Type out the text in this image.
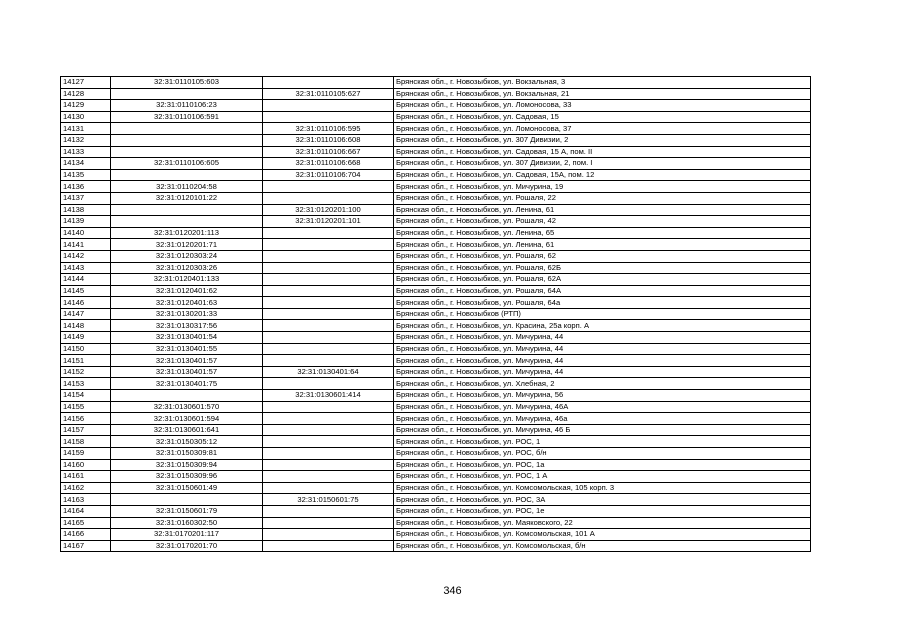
14127	32:31:0110105:603		Брянская обл., г. Новозыбков, ул. Вокзальная, 3
14128		32:31:0110105:627	Брянская обл., г. Новозыбков, ул. Вокзальная, 21
14129	32:31:0110106:23		Брянская обл., г. Новозыбков, ул. Ломоносова, 33
14130	32:31:0110106:591		Брянская обл., г. Новозыбков, ул. Садовая, 15
14131		32:31:0110106:595	Брянская обл., г. Новозыбков, ул. Ломоносова, 37
14132		32:31:0110106:608	Брянская обл., г. Новозыбков, ул. 307 Дивизии, 2
14133		32:31:0110106:667	Брянская обл., г. Новозыбков, ул. Садовая, 15 А, пом. II
14134	32:31:0110106:605	32:31:0110106:668	Брянская обл., г. Новозыбков, ул. 307 Дивизии, 2, пом. I
14135		32:31:0110106:704	Брянская обл., г. Новозыбков, ул. Садовая, 15А, пом. 12
14136	32:31:0110204:58		Брянская обл., г. Новозыбков, ул. Мичурина, 19
14137	32:31:0120101:22		Брянская обл., г. Новозыбков, ул. Рошаля, 22
14138		32:31:0120201:100	Брянская обл., г. Новозыбков, ул. Ленина, 61
14139		32:31:0120201:101	Брянская обл., г. Новозыбков, ул. Рошаля, 42
14140	32:31:0120201:113		Брянская обл., г. Новозыбков, ул. Ленина, 65
14141	32:31:0120201:71		Брянская обл., г. Новозыбков, ул. Ленина, 61
14142	32:31:0120303:24		Брянская обл., г. Новозыбков, ул. Рошаля, 62
14143	32:31:0120303:26		Брянская обл., г. Новозыбков, ул. Рошаля, 62Б
14144	32:31:0120401:133		Брянская обл., г. Новозыбков, ул. Рошаля, 62А
14145	32:31:0120401:62		Брянская обл., г. Новозыбков, ул. Рошаля, 64А
14146	32:31:0120401:63		Брянская обл., г. Новозыбков, ул. Рошаля, 64а
14147	32:31:0130201:33		Брянская обл., г. Новозыбков (РТП)
14148	32:31:0130317:56		Брянская обл., г. Новозыбков, ул. Красина, 25а корп. А
14149	32:31:0130401:54		Брянская обл., г. Новозыбков, ул. Мичурина, 44
14150	32:31:0130401:55		Брянская обл., г. Новозыбков, ул. Мичурина, 44
14151	32:31:0130401:57		Брянская обл., г. Новозыбков, ул. Мичурина, 44
14152	32:31:0130401:57	32:31:0130401:64	Брянская обл., г. Новозыбков, ул. Мичурина, 44
14153	32:31:0130401:75		Брянская обл., г. Новозыбков, ул. Хлебная, 2
14154		32:31:0130601:414	Брянская обл., г. Новозыбков, ул. Мичурина, 56
14155	32:31:0130601:570		Брянская обл., г. Новозыбков, ул. Мичурина, 46А
14156	32:31:0130601:594		Брянская обл., г. Новозыбков, ул. Мичурина, 46а
14157	32:31:0130601:641		Брянская обл., г. Новозыбков, ул. Мичурина, 46 Б
14158	32:31:0150305:12		Брянская обл., г. Новозыбков, ул. РОС, 1
14159	32:31:0150309:81		Брянская обл., г. Новозыбков, ул. РОС, б/н
14160	32:31:0150309:94		Брянская обл., г. Новозыбков, ул. РОС, 1а
14161	32:31:0150309:96		Брянская обл., г. Новозыбков, ул. РОС, 1 А
14162	32:31:0150601:49		Брянская обл., г. Новозыбков, ул. Комсомольская, 105 корп. 3
14163		32:31:0150601:75	Брянская обл., г. Новозыбков, ул. РОС, 3А
14164	32:31:0150601:79		Брянская обл., г. Новозыбков, ул. РОС, 1е
14165	32:31:0160302:50		Брянская обл., г. Новозыбков, ул. Маяковского, 22
14166	32:31:0170201:117		Брянская обл., г. Новозыбков, ул. Комсомольская, 101 А
14167	32:31:0170201:70		Брянская обл., г. Новозыбков, ул. Комсомольская, б/н
346
